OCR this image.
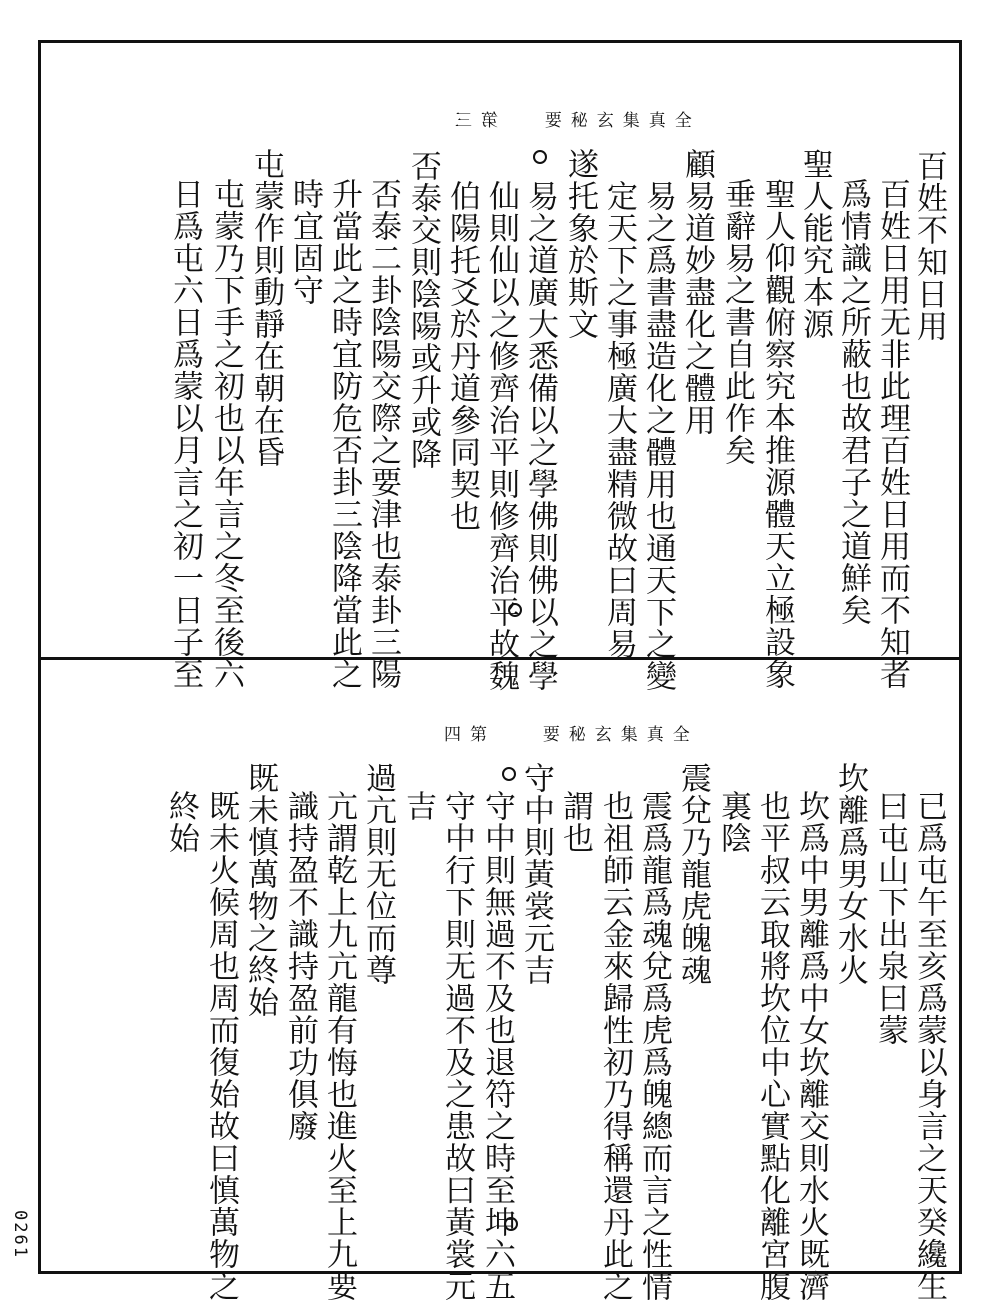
第三	全真集玄秘要
第四	全真集玄秘要
百姓不知日用
百姓日用无非此理百姓日用而不知者
爲情識之所蔽也故君子之道鮮矣
聖人能究本源
聖人仰觀俯察究本推源體天立極設象
垂辭易之書自此作矣
顧易道妙盡化之體用
易之爲書盡造化之體用也通天下之變
定天下之事極廣大盡精微故曰周易
遂托象於斯文
易之道廣大悉備以之學佛則佛以之學
仙則仙以之修齊治平則修齊治平故魏
伯陽托爻於丹道參同契也
否泰交則陰陽或升或降
否泰二卦陰陽交際之要津也泰卦三陽
升當此之時宜防危否卦三陰降當此之
時宜固守
屯蒙作則動靜在朝在昏
屯蒙乃下手之初也以年言之冬至後六
日爲屯六日爲蒙以月言之初一日子至
已爲屯午至亥爲蒙以身言之天癸纔生
曰屯山下出泉曰蒙
坎離爲男女水火
坎爲中男離爲中女坎離交則水火既濟
也平叔云取將坎位中心實點化離宮腹
裏陰
震兌乃龍虎魄魂
震爲龍爲魂兌爲虎爲魄總而言之性情
也祖師云金來歸性初乃得稱還丹此之
謂也
守中則黃裳元吉
守中則無過不及也退符之時至坤六五
守中行下則无過不及之患故曰黃裳元
吉
過亢則无位而尊
亢謂乾上九亢龍有悔也進火至上九要
識持盈不識持盈前功俱廢
既未慎萬物之終始
既未火候周也周而復始故曰慎萬物之
終始
0261
